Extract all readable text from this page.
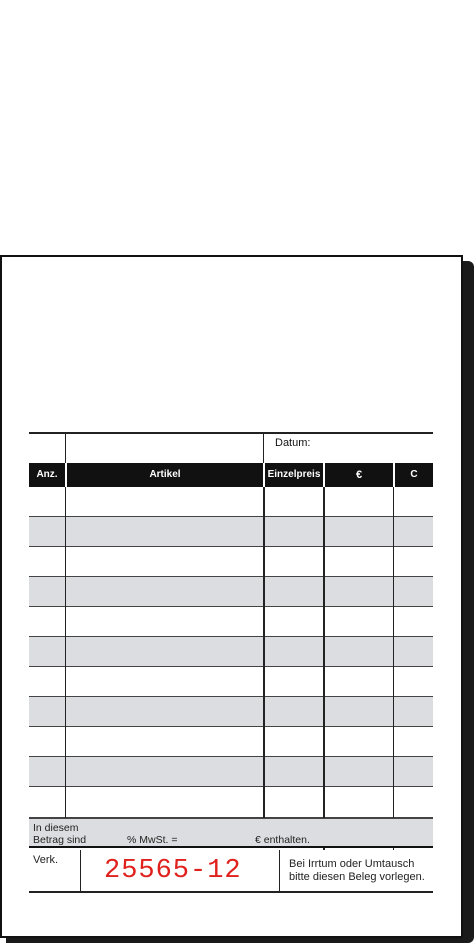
Datum:
Anz.	Artikel	Einzelpreis	€	C
In diesem
Betrag sind	% MwSt. =	€ enthalten.
Verk. 25565-12	Bei Irrtum oder Umtausch
bitte diesen Beleg vorlegen.
